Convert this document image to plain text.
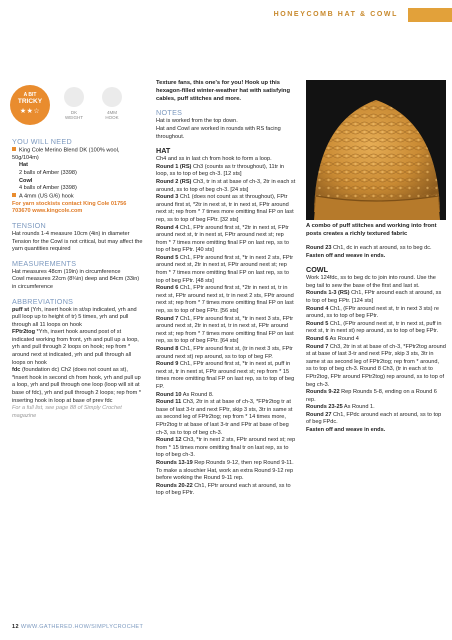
HONEYCOMB HAT & COWL
A BIT
TRICKY
★★☆	DK
WEIGHT
4MM
HOOK
YOU WILL NEED

King Cole Merino Blend DK (100% wool, 50g/104m)

Hat

2 balls of Amber (3398)

Cowl

4 balls of Amber (3398)

A 4mm (US G/6) hook

For yarn stockists contact King Cole 01756 703670 www.kingcole.com

TENSION

Hat rounds 1-4 measure 10cm (4in) in diameter

Tension for the Cowl is not critical, but may affect the yarn quantities required

MEASUREMENTS

Hat measures 48cm (19in) in circumference

Cowl measures 22cm (8¾in) deep and 84cm (33in) in circumference

ABBREVIATIONS

puff st (Yrh, insert hook in st/sp indicated, yrh and pull loop up to height of tr) 5 times, yrh and pull through all 11 loops on hook

FPtr2tog *Yrh, insert hook around post of st indicated working from front, yrh and pull up a loop, yrh and pull through 2 loops on hook; rep from * around next st indicated, yrh and pull through all loops on hook

fdc (foundation dc) Ch2 (does not count as st), *insert hook in second ch from hook, yrh and pull up a loop, yrh and pull through one loop (loop will sit at base of fdc), yrh and pull through 2 loops; rep from * inserting hook in loop at base of prev fdc

For a full list, see page 88 of Simply Crochet magazine

Texture fans, this one's for you! Hook up this hexagon-filled winter-weather hat with satisfying cables, puff stitches and more.

NOTES

Hat is worked from the top down.

Hat and Cowl are worked in rounds with RS facing throughout.

HAT

Ch4 and ss in last ch from hook to form a loop.

Round 1 (RS) Ch3 (counts as tr throughout), 11tr in loop, ss to top of beg ch-3. [12 sts]

Round 2 (RS) Ch3, tr in st at base of ch-3, 2tr in each st around, ss to top of beg ch-3. [24 sts]

Round 3 Ch1 (does not count as st throughout), FPtr around first st, *2tr in next st, tr in next st, FPtr around next st; rep from * 7 times more omitting final FP on last rep, ss to top of beg FPtr. [32 sts]

Round 4 Ch1, FPtr around first st, *2tr in next st, FPtr around next st, tr in next st, FPtr around next st; rep from * 7 times more omitting final FP on last rep, ss to top of beg FPtr. [40 sts]

Round 5 Ch1, FPtr around first st, *tr in next 2 sts, FPtr around next st, 2tr in next st, FPtr around next st; rep from * 7 times more omitting final FP on last rep, ss to top of beg FPtr. [48 sts]

Round 6 Ch1, FPtr around first st, *2tr in next st, tr in next st, FPtr around next st, tr in next 2 sts, FPtr around next st; rep from * 7 times more omitting final FP on last rep, ss to top of beg FPtr. [56 sts]

Round 7 Ch1, FPtr around first st, *tr in next 3 sts, FPtr around next st, 2tr in next st, tr in next st, FPtr around next st; rep from * 7 times more omitting final FP on last rep, ss to top of beg FPtr. [64 sts]

Round 8 Ch1, FPtr around first st, (tr in next 3 sts, FPtr around next st) rep around, ss to top of beg FP.

Round 9 Ch1, FPtr around first st, *tr in next st, puff in next st, tr in next st, FPtr around next st; rep from * 15 times more omitting final FP on last rep, ss to top of beg FP.

Round 10 As Round 8.

Round 11 Ch3, 2tr in st at base of ch-3, *FPtr2tog tr at base of last 3-tr and next FPtr, skip 3 sts, 3tr in same st as second leg of FPtr2tog; rep from * 14 times more, FPtr2tog tr at base of last 3-tr and FPtr at base of beg ch-3, ss to top of beg ch-3.

Round 12 Ch3, *tr in next 2 sts, FPtr around next st; rep from * 15 times more omitting final tr on last rep, ss to top of beg ch-3.

Rounds 13-19 Rep Rounds 9-12, then rep Round 9-11.

To make a slouchier Hat, work an extra Round 9-12 rep before working the Round 9-11 rep.

Rounds 20-22 Ch1, FPtr around each st around, ss to top of beg FPtr.

A combo of puff stitches and working into front posts creates a richly textured fabric

Round 23 Ch1, dc in each st around, ss to beg dc.

Fasten off and weave in ends.

COWL

Work 124fdc, ss to beg dc to join into round. Use the beg tail to sew the base of the first and last st.

Rounds 1-3 (RS) Ch1, FPtr around each st around, ss to top of beg FPtr. [124 sts]

Round 4 Ch1, (FPtr around next st, tr in next 3 sts) re around, ss to top of beg FPtr.

Round 5 Ch1, (FPtr around next st, tr in next st, puff in next st, tr in next st) rep around, ss to top of beg FPtr.

Round 6 As Round 4

Round 7 Ch3, 2tr in st at base of ch-3, *FPtr2tog around st at base of last 3-tr and next FPtr, skip 3 sts, 3tr in same st as second leg of FPtr2tog; rep from * around, ss to top of beg ch-3. Round 8 Ch3, (tr in each st to FPtr2tog, FPtr around FPtr2tog) rep around, ss to top of beg ch-3.

Rounds 9-22 Rep Rounds 5-8, ending on a Round 6 rep.

Rounds 23-25 As Round 1.

Round 27 Ch1, FPdc around each st around, ss to top of beg FPdc.

Fasten off and weave in ends.

12 WWW.GATHERED.HOW/SIMPLYCROCHET
